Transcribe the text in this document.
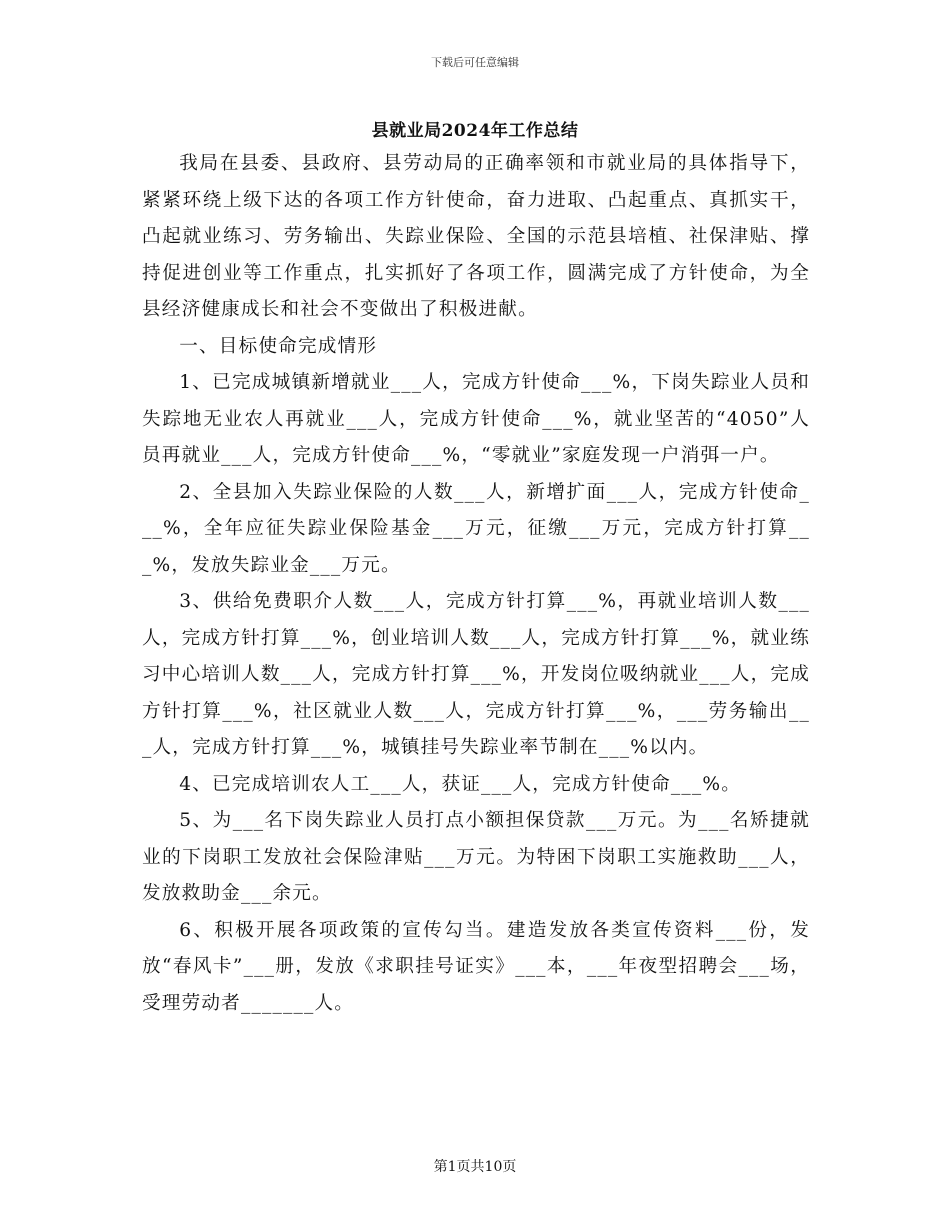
下载后可任意编辑
县就业局2024年工作总结

我局在县委、县政府、县劳动局的正确率领和市就业局的具体指导下，紧紧环绕上级下达的各项工作方针使命，奋力进取、凸起重点、真抓实干，凸起就业练习、劳务输出、失踪业保险、全国的示范县培植、社保津贴、撑持促进创业等工作重点，扎实抓好了各项工作，圆满完成了方针使命，为全县经济健康成长和社会不变做出了积极进献。

一、目标使命完成情形

1、已完成城镇新增就业___人，完成方针使命___%，下岗失踪业人员和失踪地无业农人再就业___人，完成方针使命___%，就业坚苦的“4050”人员再就业___人，完成方针使命___%，“零就业”家庭发现一户消弭一户。

2、全县加入失踪业保险的人数___人，新增扩面___人，完成方针使命___%，全年应征失踪业保险基金___万元，征缴___万元，完成方针打算___%，发放失踪业金___万元。

3、供给免费职介人数___人，完成方针打算___%，再就业培训人数___人，完成方针打算___%，创业培训人数___人，完成方针打算___%，就业练习中心培训人数___人，完成方针打算___%，开发岗位吸纳就业___人，完成方针打算___%，社区就业人数___人，完成方针打算___%，___劳务输出___人，完成方针打算___%，城镇挂号失踪业率节制在___%以内。

4、已完成培训农人工___人，获证___人，完成方针使命___%。

5、为___名下岗失踪业人员打点小额担保贷款___万元。为___名矫捷就业的下岗职工发放社会保险津贴___万元。为特困下岗职工实施救助___人，发放救助金___余元。

6、积极开展各项政策的宣传勾当。建造发放各类宣传资料___份，发放“春风卡”___册，发放《求职挂号证实》___本，___年夜型招聘会___场，受理劳动者_______人。

第1页共10页
